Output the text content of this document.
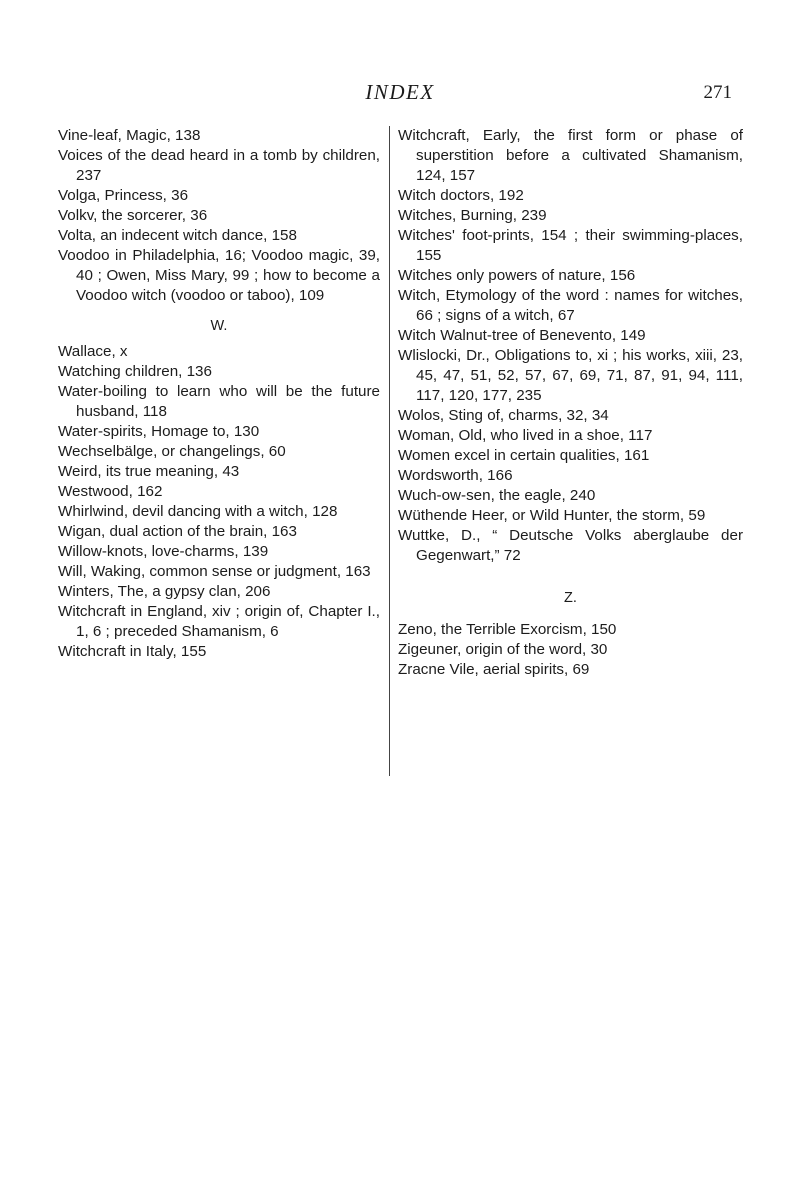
INDEX	271

Vine-leaf, Magic, 138

Voices of the dead heard in a tomb by children, 237

Volga, Princess, 36

Volkv, the sorcerer, 36

Volta, an indecent witch dance, 158

Voodoo in Philadelphia, 16; Voodoo magic, 39, 40 ; Owen, Miss Mary, 99 ; how to become a Voodoo witch (voodoo or taboo), 109

W.

Wallace, x

Watching children, 136

Water-boiling to learn who will be the future husband, 118

Water-spirits, Homage to, 130

Wechselbälge, or changelings, 60

Weird, its true meaning, 43

Westwood, 162

Whirlwind, devil dancing with a witch, 128

Wigan, dual action of the brain, 163

Willow-knots, love-charms, 139

Will, Waking, common sense or judgment, 163

Winters, The, a gypsy clan, 206

Witchcraft in England, xiv ; origin of, Chapter I., 1, 6 ; preceded Shamanism, 6

Witchcraft in Italy, 155

Witchcraft, Early, the first form or phase of superstition before a cultivated Shamanism, 124, 157

Witch doctors, 192

Witches, Burning, 239

Witches' foot-prints, 154 ; their swimming-places, 155

Witches only powers of nature, 156

Witch, Etymology of the word : names for witches, 66 ; signs of a witch, 67

Witch Walnut-tree of Benevento, 149

Wlislocki, Dr., Obligations to, xi ; his works, xiii, 23, 45, 47, 51, 52, 57, 67, 69, 71, 87, 91, 94, 111, 117, 120, 177, 235

Wolos, Sting of, charms, 32, 34

Woman, Old, who lived in a shoe, 117

Women excel in certain qualities, 161

Wordsworth, 166

Wuch-ow-sen, the eagle, 240

Wüthende Heer, or Wild Hunter, the storm, 59

Wuttke, D., “ Deutsche Volks aberglaube der Gegenwart,” 72

Z.

Zeno, the Terrible Exorcism, 150

Zigeuner, origin of the word, 30

Zracne Vile, aerial spirits, 69
